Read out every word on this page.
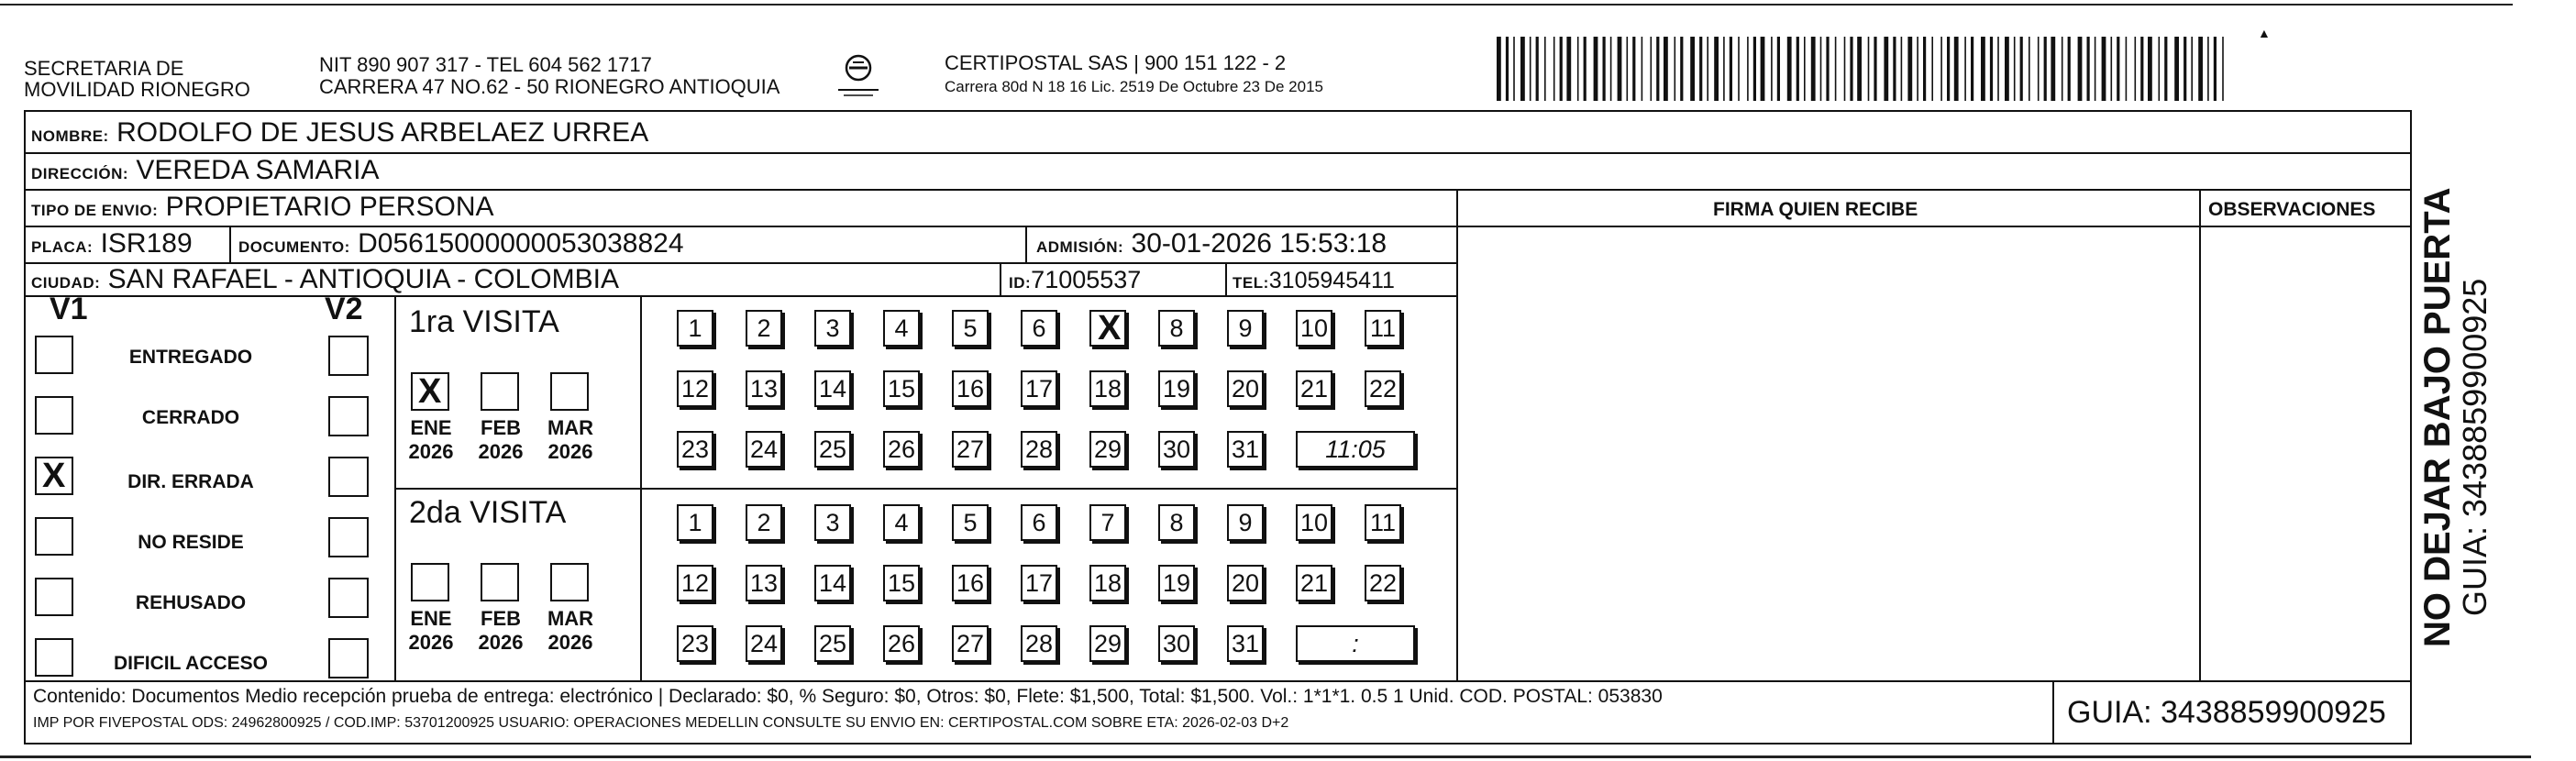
SECRETARIA DE
MOVILIDAD RIONEGRO
NIT 890 907 317 - TEL 604 562 1717
CARRERA 47 NO.62 - 50 RIONEGRO ANTIOQUIA
CERTIPOSTAL SAS | 900 151 122 - 2
Carrera 80d N 18 16 Lic. 2519 De Octubre 23 De 2015
▲
NOMBRE: RODOLFO DE JESUS ARBELAEZ URREA
DIRECCIÓN: VEREDA SAMARIA
TIPO DE ENVIO: PROPIETARIO PERSONA	FIRMA QUIEN RECIBE	OBSERVACIONES
PLACA: ISR189	DOCUMENTO: D05615000000053038824	ADMISIÓN: 30-01-2026 15:53:18
CIUDAD: SAN RAFAEL - ANTIOQUIA - COLOMBIA	ID:71005537	TEL:3105945411
V1	V2
ENTREGADO
CERRADO
X	DIR. ERRADA
NO RESIDE
REHUSADO
DIFICIL ACCESO
1ra VISITA
X
ENE
2026
FEB
2026
MAR
2026
1	2	3	4	5	6	X	8	9	10 11
12 13 14 15 16 17 18 19 20 21 22
23 24 25 26 27 28 29 30 31	11:05
2da VISITA
ENE
2026
FEB
2026
MAR
2026
1	2	3	4	5	6	7	8	9	10 11
12 13 14 15 16 17 18 19 20 21 22
23 24 25 26 27 28 29 30 31	:
Contenido: Documentos Medio recepción prueba de entrega: electrónico | Declarado: $0, % Seguro: $0, Otros: $0, Flete: $1,500, Total: $1,500. Vol.: 1*1*1. 0.5 1 Unid. COD. POSTAL: 053830
IMP POR FIVEPOSTAL ODS: 24962800925 / COD.IMP: 53701200925 USUARIO: OPERACIONES MEDELLIN CONSULTE SU ENVIO EN: CERTIPOSTAL.COM SOBRE ETA: 2026-02-03 D+2	GUIA: 3438859900925
NO DEJAR BAJO PUERTA
GUIA: 3438859900925
